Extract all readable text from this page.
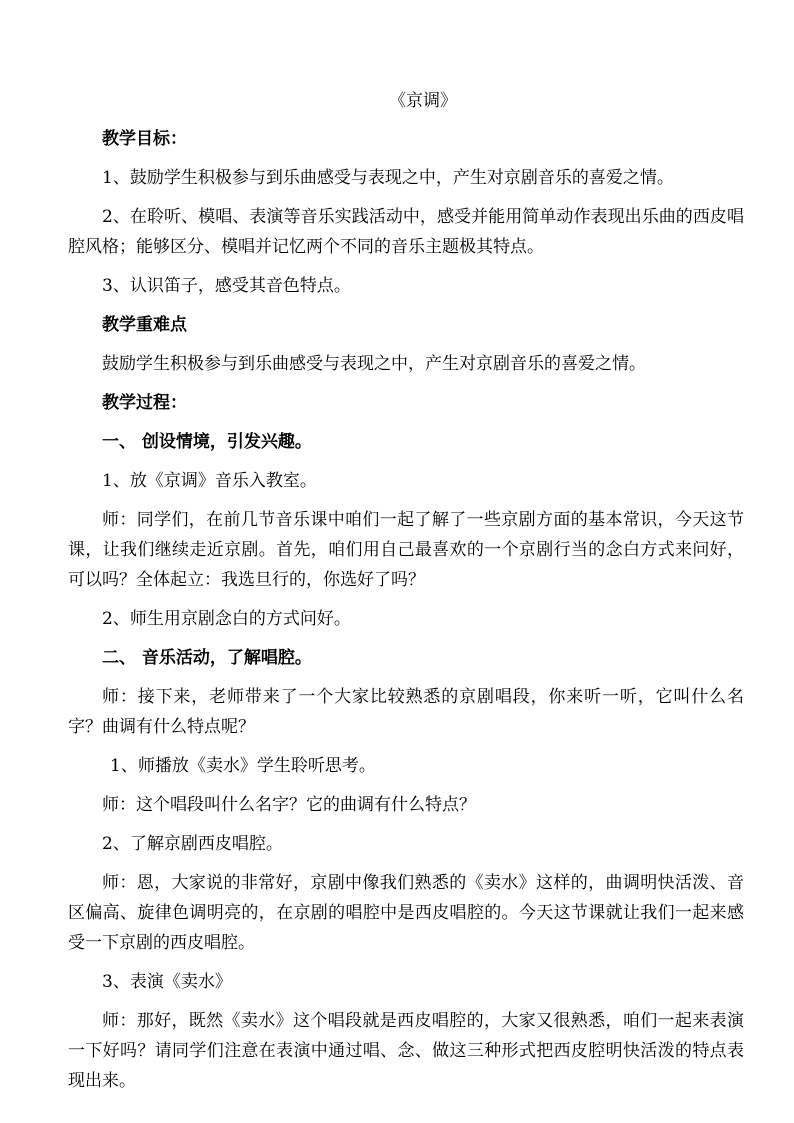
《京调》
教学目标：
1、鼓励学生积极参与到乐曲感受与表现之中，产生对京剧音乐的喜爱之情。
2、在聆听、模唱、表演等音乐实践活动中，感受并能用简单动作表现出乐曲的西皮唱腔风格；能够区分、模唱并记忆两个不同的音乐主题极其特点。
3、认识笛子，感受其音色特点。
教学重难点
鼓励学生积极参与到乐曲感受与表现之中，产生对京剧音乐的喜爱之情。
教学过程：
一、 创设情境，引发兴趣。
1、放《京调》音乐入教室。
师：同学们，在前几节音乐课中咱们一起了解了一些京剧方面的基本常识，今天这节课，让我们继续走近京剧。首先，咱们用自己最喜欢的一个京剧行当的念白方式来问好，可以吗？全体起立：我选旦行的，你选好了吗？
2、师生用京剧念白的方式问好。
二、 音乐活动，了解唱腔。
师：接下来，老师带来了一个大家比较熟悉的京剧唱段，你来听一听，它叫什么名字？曲调有什么特点呢？
1、师播放《卖水》学生聆听思考。
师：这个唱段叫什么名字？它的曲调有什么特点？
2、了解京剧西皮唱腔。
师：恩，大家说的非常好，京剧中像我们熟悉的《卖水》这样的，曲调明快活泼、音区偏高、旋律色调明亮的，在京剧的唱腔中是西皮唱腔的。今天这节课就让我们一起来感受一下京剧的西皮唱腔。
3、表演《卖水》
师：那好，既然《卖水》这个唱段就是西皮唱腔的，大家又很熟悉，咱们一起来表演一下好吗？请同学们注意在表演中通过唱、念、做这三种形式把西皮腔明快活泼的特点表现出来。
